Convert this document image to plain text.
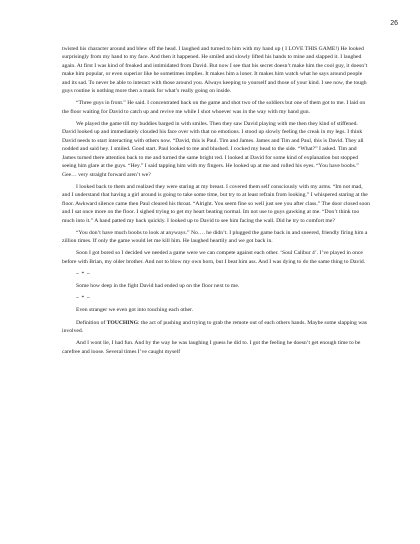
26

twisted his character around and blew off the head. I laughed and turned to him with my hand up ( I LOVE THIS GAME!) He looked surprisingly from my hand to my face. And then it happened. He smiled and slowly lifted his hands to mine and slapped it. I laughed again. At first I was kind of freaked and intimidated from David. But now I see that his secret doesn’t make him the cool guy, it doesn’t make him popular, or even superior like he sometimes implies. It makes him a loner. It makes him watch what he says around people and its sad. To never be able to interact with those around you. Always keeping to yourself and those of your kind. I see now, the tough guys routine is nothing more then a mask for what’s really going on inside.

“Three guys in front.” He said. I concentrated back on the game and shot two of the soldiers but one of them got to me. I laid on the floor waiting for David to catch up and revive me while I shot whoever was in the way with my hand gun.

We played the game till my buddies barged in with smiles. Then they saw David playing with me then they kind of stiffened. David looked up and immediately clouded his face over with that no emotions. I stood up slowly feeling the creak in my legs. I think David needs to start interacting with others now. “David, this is Paul. Tim and James. James and Tim and Paul, this is David. They all nodded and said hey. I smiled. Good start. Paul looked to me and blushed. I cocked my head to the side. “What?” I asked. Tim and James turned there attention back to me and turned the same bright red. I looked at David for some kind of explanation but stopped seeing him glare at the guys. “Hey.” I said tapping him with my fingers. He looked up at me and rolled his eyes. “You have boobs.” Gee… very straight forward aren’t we?

I looked back to them and realized they were staring at my breast. I covered them self consciously with my arms. “Im not mad, and I understand that having a girl around is going to take some time, but try to at least refrain from looking.” I whispered staring at the floor. Awkward silence came then Paul cleared his throat. “Alright. You seem fine so well just see you after class.” The door closed soon and I sat once more on the floor. I sighed trying to get my heart beating normal. Im not use to guys gawking at me. “Don’t think too much into it.” A hand patted my back quickly. I looked up to David to see him facing the wall. Did he try to comfort me?

“You don’t have much boobs to look at anyways.” No…. he didn’t. I plugged the game back in and sneered, friendly firing him a zillion times. If only the game would let me kill him. He laughed heartily and we got back in.

Soon I got bored so I decided we needed a game were we can compete against each other. ‘Soul Calibur 4’. I’ve played in once before with Brian, my older brother. And not to blow my own horn, but I beat him ass. And I was dying to do the same thing to David.

~ * ~

Some how deep in the fight David had ended up on the floor next to me.

~ * ~

Even stranger we even got into touching each other.

Definition of TOUCHING: the act of pushing and trying to grab the remote out of each others hands. Maybe some slapping was involved.

And I wont lie, I had fun. And by the way he was laughing I guess he did to. I got the feeling he doesn’t get enough time to be carefree and loose. Several times I’ve caught myself
